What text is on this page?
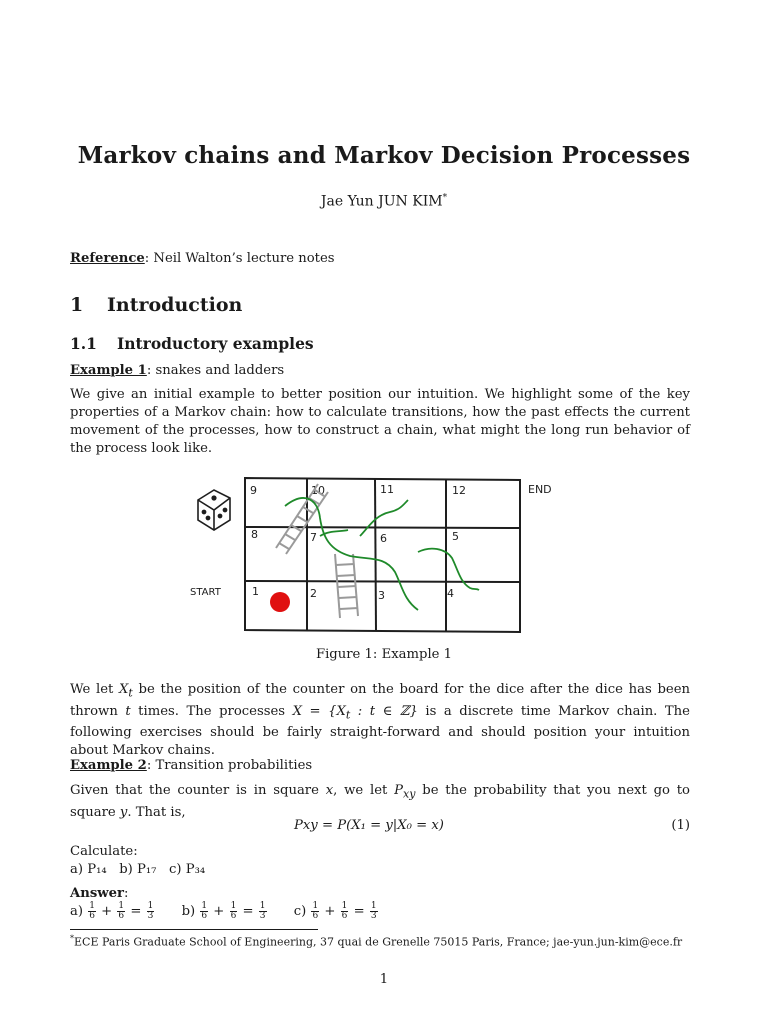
Markov chains and Markov Decision Processes
Jae Yun JUN KIM*
Reference: Neil Walton’s lecture notes
1 Introduction
1.1 Introductory examples
Example 1: snakes and ladders
We give an initial example to better position our intuition. We highlight some of the key properties of a Markov chain: how to calculate transitions, how the past effects the current movement of the processes, how to construct a chain, what might the long run behavior of the process look like.
9	10	11	12
8	7	6	5
1	2	3	4
START
END
Figure 1: Example 1
We let $X_t$ be the position of the counter on the board for the dice after the dice has been thrown t times. The processes $X = \{X_t$ : t ∈ ℤ} is a discrete time Markov chain. The following exercises should be fairly straight-forward and should position your intuition about Markov chains.
Example 2: Transition probabilities
Given that the counter is in square x, we let $P_{xy}$ be the probability that you next go to square y. That is,
Pxy = P(X₁ = y|X₀ = x)	(1)
Calculate:
a) P₁₄ b) P₁₇ c) P₃₄
Answer:
$a) \frac{1}{6} + \frac{1}{6} = \frac{1}{3} b) \frac{1}{6} + \frac{1}{6} = \frac{1}{3} c) \frac{1}{6} + \frac{1}{6} = \frac{1}{3}$
*ECE Paris Graduate School of Engineering, 37 quai de Grenelle 75015 Paris, France; jae-yun.jun-kim@ece.fr
1
